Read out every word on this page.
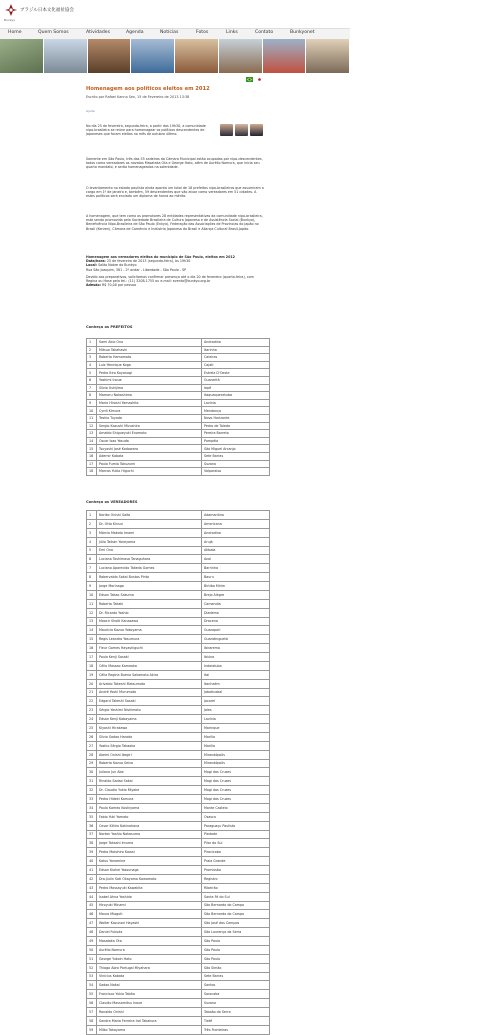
ブラジル日本文化福祉協会
Bunkyo
Home	Quem Somos	Atividades	Agenda	Notícias	Fotos	Links	Contato	Bunkyonet
Homenagem aos políticos eleitos em 2012
Escrito por Rafael Kanno Sex, 15 de Fevereiro de 2013 13:38
Ajuda
No dia 25 de fevereiro, segunda-feira, a partir das 19h30, a comunidade nipo-brasileira se reúne para homenagear os políticos descendentes de japoneses que foram eleitos no mês de outubro último.
Somente em São Paulo, três das 55 cadeiras da Câmara Municipal estão ocupadas por nipo-descendentes, todos como vereadores os novatos Masataka Ota e George Hato, além de Aurélio Nomura, que inicia seu quarto mandato, e serão homenageados na solenidade.
O levantamento no estado paulista ainda aponta um total de 18 prefeitos nipo-brasileiros que assumiram o cargo em 1º de janeiro e, também, 59 descendentes que vão atuar como vereadores em 51 cidades. A estes políticos será enviado um diploma de honra ao mérito.
A homenagem, que tem como os promotores 28 entidades representativas da comunidade nipo-brasileira, está sendo promovida pela Sociedade Brasileira de Cultura Japonesa e de Assistência Social (Bunkyo), Beneficência Nipo-Brasileira de São Paulo (Enkyo), Federação das Associações de Províncias do Japão no Brasil (Kenren), Câmara de Comércio e Indústria Japonesa do Brasil e Aliança Cultural Brasil-Japão.
Homenagem aos vereadores eleitos do município de São Paulo, eleitos em 2012
Data/hora: 25 de fevereiro de 2013 (segunda-feira), às 19h30
Local: Salão Nobre do Bunkyo
Rua São Joaquim, 381 - 2º andar - Liberdade - São Paulo - SP
Devido aos preparativos, solicitamos confirmar presença até o dia 20 de fevereiro (quarta-feira), com Regina ou Hase pelo tel.: (11) 3208-1755 ou e-mail: evento@bunkyo.org.br
Adesão: R$ 70,00 por pessoa
Conheça os PREFEITOS
1	Sami Akio Ono	Andradina
2	Mitsuo Takahashi	Itarinha
3	Roberto Hamamoto	Caieiras
4	Luiz Henrique Koga	Cajati
5	Pedro Itiro Koyanagi	Estrela D'Oeste
6	Yoshimi Inoue	Guararitã
7	Silvio Ushijima	Iepê
8	Mamoru Nakashima	Itaquaquecetuba
9	Mario Hiroshi Yamashita	Lavínia
10	Cyrdi Kimura	Mendonça
11	Teshio Tuyoda	Novo Horizonte
12	Sergio Kazushi Mizushiro	Pedro de Toledo
13	Amaldo Shigueyuki Enomoto	Pereira Barreto
14	Oscar Isao Yasuda	Pompéia
15	Tsuyoshi José Kodowara	São Miguel Arcanjo
16	Ademir Kabata	Sete Barras
17	Paulo Fumio Tokuzumi	Suzano
18	Marcos Yukio Higuchi	Valparaíso
Conheça os VEREADORES
1	Noriko Onishi Saito	Adamantina
2	Dr. Otto Kinsui	Americana
3	Márcio Makoto Imami	Andradina
4	Júlio Taikan Yoneyama	Arujá
5	Emi Ono	Atibaia
6	Luciano Toshimasa Tanaguhara	Avaí
7	Luciano Aparecido Takeda Gomes	Barrinha
8	Robervaldo Sakai Bustos Pinto	Bauru
9	Jorge Morinaga	Birtiba Mirim
10	Edson Takao Sakuma	Brejo Alegre
11	Roberto Takaki	Camandia
12	Dr. Ricardo Yoshio	Diadema
13	Moacir Shoiti Kanazawa	Dracena
14	Mauricio Kazuo Yokoyama	Guarapari
15	Regis Leandro Yasumura	Guaratinguetá
16	Fleur Gomes Hayashiguchi	Ibirarema
17	Paulo Kenji Sasaki	Ibiúna
18	Célio Massao Kameoka	Indaiatuba
19	Célia Regina Bueno Sakamoto Akira	Itaí
20	Arivaldo Takeshi Matsumoto	Itanhaém
21	André Yoshi Murumoto	Jaboticabal
22	Edgard Takeshi Sasaki	Jacareí
23	Sérgio Yoshimi Nishimoto	Jales
24	Edson Kenji Kabayama	Lavínia
25	Kiyoshi Hirakawa	Marinque
26	Silvio Sadao Harada	Marília
27	Yoshio Sérgio Takaoka	Marília
28	Akemi Onishi Ikegiri	Mirandópolis
29	Roberto Kazuo Seiva	Mirandópolis
30	Juliano Jun Abe	Mogi das Cruzes
31	Rinaldo Sadao Sakai	Mogi das Cruzes
32	Dr. Claudio Yukio Miyake	Mogi das Cruzes
33	Pedro Hideki Komura	Mogi das Cruzes
34	Paulo Kameo Koshiyama	Monte Castelo
35	Fabio Yuki Yamato	Osasco
36	Cesar Kiitiro Kakinohana	Paraguaçu Paulista
37	Norton Yoshio Nakasuma	Piedade
38	Jorge Takashi Imuma	Pilar do Sul
39	Pedro Motohiro Kawai	Piracicaba
40	Katsu Yonamine	Praia Grande
41	Edson Kiohei Yassunaga	Promissão
42	Dra.Jiulin Sati Okayama Kawamoto	Registro
43	Pedro Massayuki Kawakita	Ribeirão
44	Isabel Ahna Yoshida	Santa Fé do Sul
45	Hiroyuki Minami	São Bernardo do Campo
46	Mauro Miaguti	São Bernardo do Campo
47	Walter Kazunori Hayashi	São José dos Campos
48	Daniel Fukuda	São Lourenço da Serra
49	Masataka Ota	São Paulo
50	Aurélio Nomura	São Paulo
51	George Yukoin Hato	São Paulo
52	Thiago Abra Portugal Miyahara	São Simão
53	Vinicius Kabata	Sete Barras
54	Sadao Nakai	Santos
55	Francisco Yukio Tabita	Sorocaba
56	Claudio Massamitsu Inoue	Suzano
57	Ronaldo Onishi	Taboão da Serra
58	Sandra Maria Ferreira Iraí Takakura	Tietê
59	Milko Takayama	Três Fronteiras
